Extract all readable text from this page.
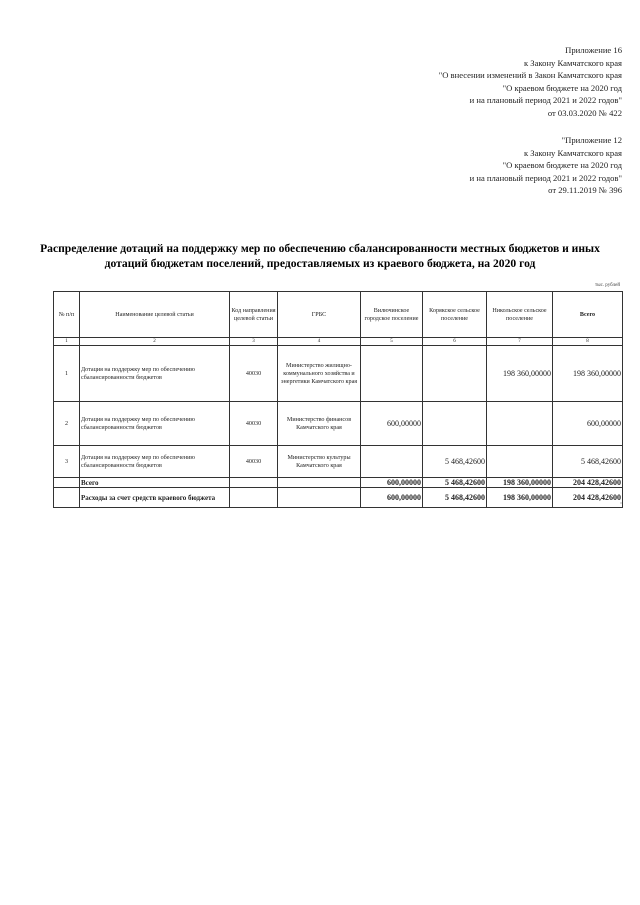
Приложение 16
к Закону Камчатского края
"О внесении изменений в Закон Камчатского края
"О краевом бюджете на 2020 год
и на плановый период 2021 и 2022 годов"
от 03.03.2020 № 422
"Приложение 12
к Закону Камчатского края
"О краевом бюджете на 2020 год
и на плановый период 2021 и 2022 годов"
от 29.11.2019 № 396
Распределение дотаций на поддержку мер по обеспечению сбалансированности местных бюджетов и иных дотаций бюджетам поселений, предоставляемых из краевого бюджета, на 2020 год
тыс. рублей
№ п/п	Наименование целевой статьи	Код направления целевой статьи	ГРБС	Вилючинское городское поселение	Корякское сельское поселение	Никольское сельское поселение	Всего
1	2	3	4	5	6	7	8
1	Дотация на поддержку мер по обеспечению сбалансированности бюджетов	40030	Министерство жилищно-коммунального хозяйства и энергетики Камчатского края			198 360,00000	198 360,00000
2	Дотация на поддержку мер по обеспечению сбалансированности бюджетов	40030	Министерство финансов Камчатского края	600,00000			600,00000
3	Дотация на поддержку мер по обеспечению сбалансированности бюджетов	40030	Министерство культуры Камчатского края		5 468,42600		5 468,42600
	Всего			600,00000	5 468,42600	198 360,00000	204 428,42600
	Расходы за счет средств краевого бюджета			600,00000	5 468,42600	198 360,00000	204 428,42600
"
